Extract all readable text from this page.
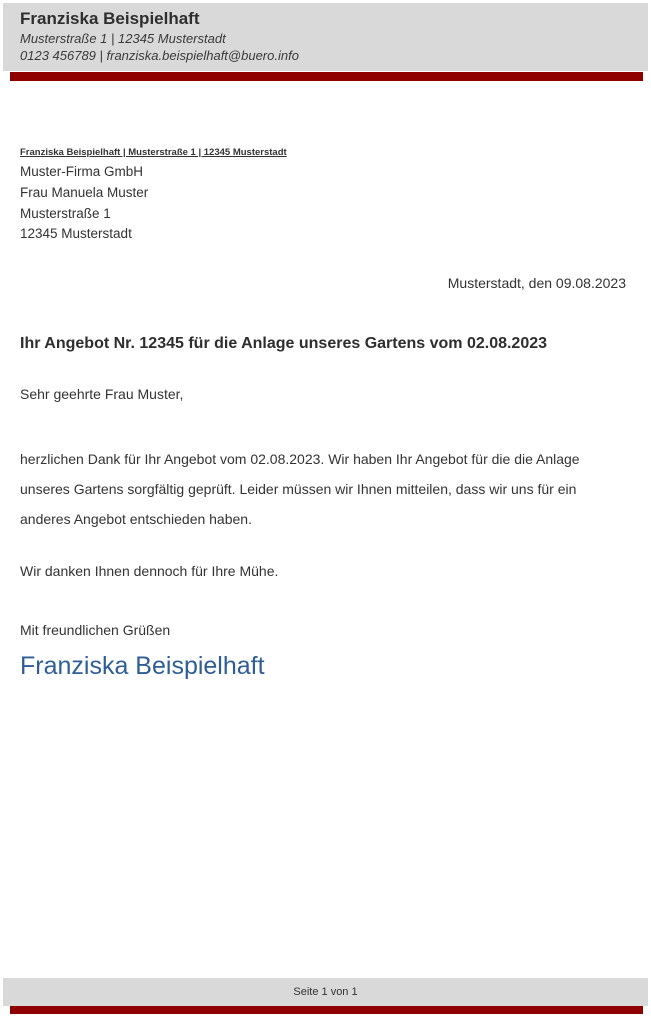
Franziska Beispielhaft
Musterstraße 1 | 12345 Musterstadt
0123 456789 | franziska.beispielhaft@buero.info
Franziska Beispielhaft | Musterstraße 1 | 12345 Musterstadt
Muster-Firma GmbH
Frau Manuela Muster
Musterstraße 1
12345 Musterstadt
Musterstadt, den 09.08.2023
Ihr Angebot Nr. 12345 für die Anlage unseres Gartens vom 02.08.2023
Sehr geehrte Frau Muster,
herzlichen Dank für Ihr Angebot vom 02.08.2023. Wir haben Ihr Angebot für die die Anlage
unseres Gartens sorgfältig geprüft. Leider müssen wir Ihnen mitteilen, dass wir uns für ein
anderes Angebot entschieden haben.
Wir danken Ihnen dennoch für Ihre Mühe.
Mit freundlichen Grüßen
Franziska Beispielhaft
Seite 1 von 1
